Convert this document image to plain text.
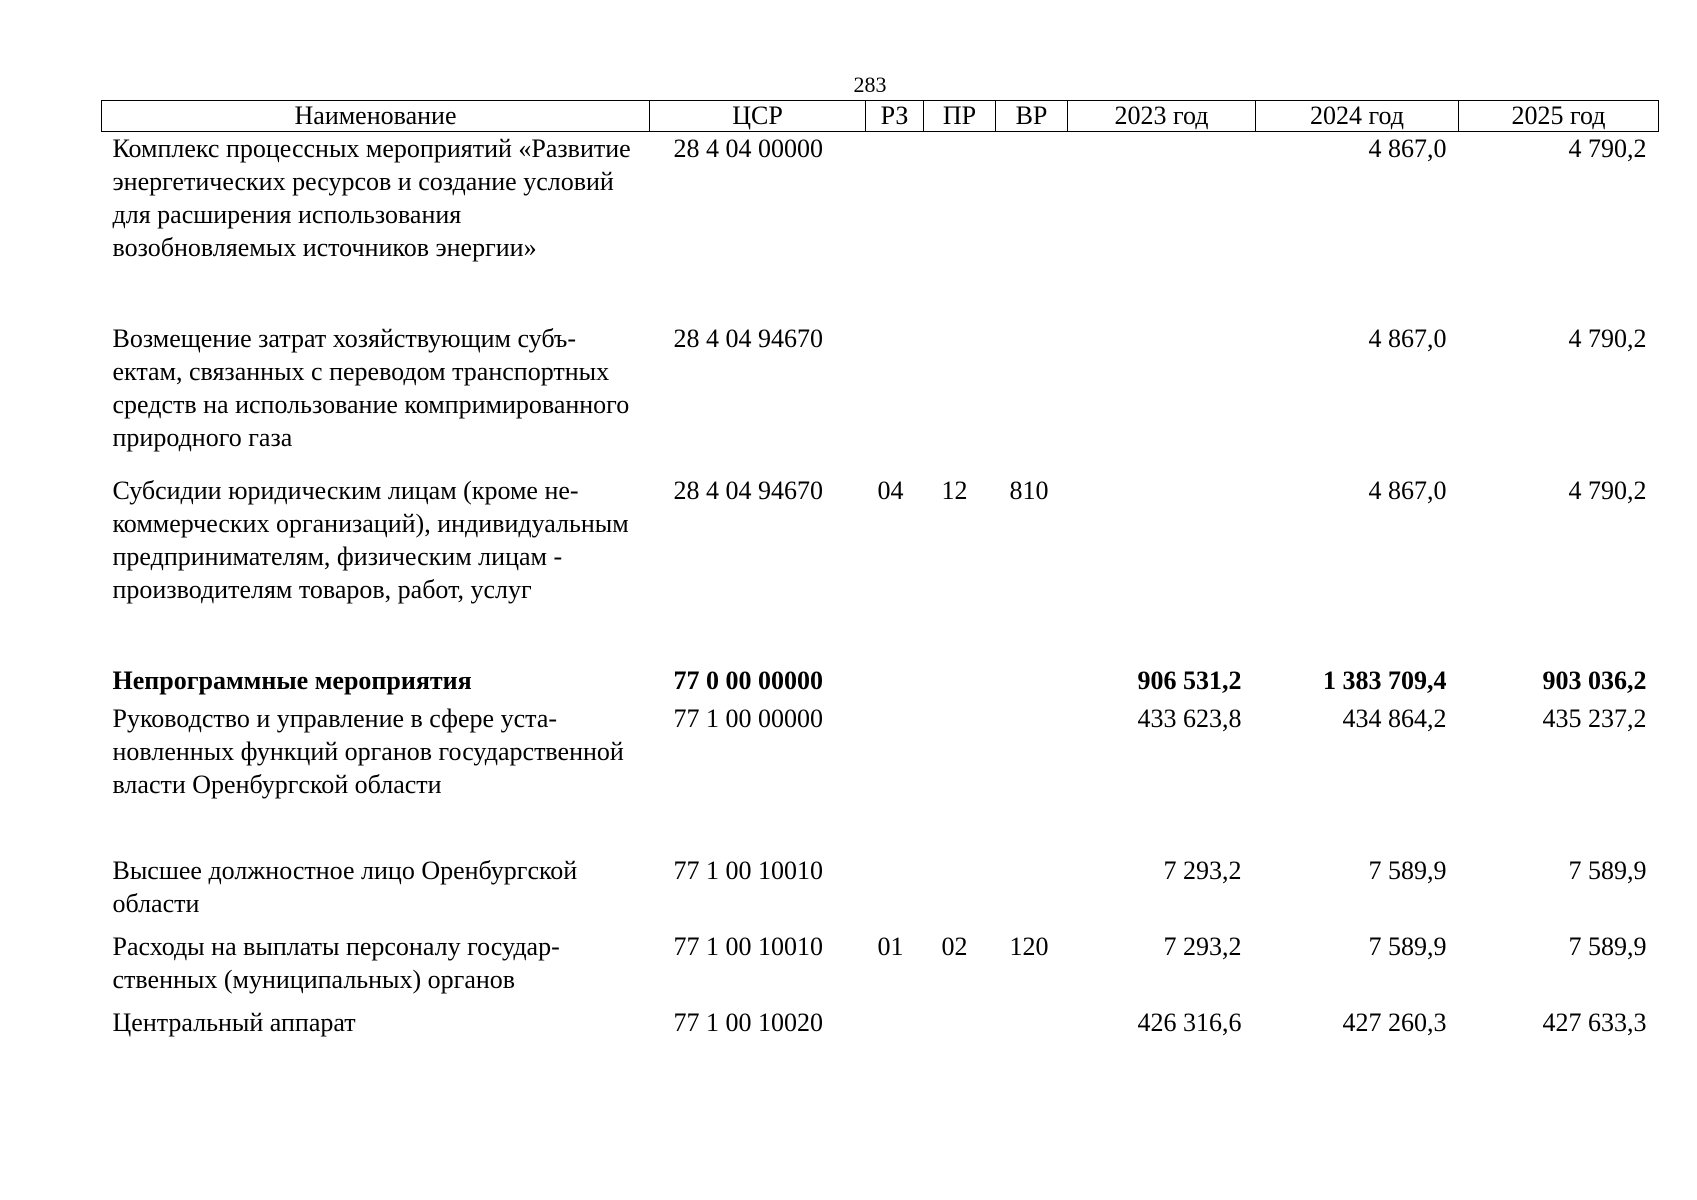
283
Наименование	ЦСР	РЗ	ПР	ВР	2023 год	2024 год	2025 год
Комплекс процессных мероприятий «Развитие энергетических ресурсов и создание условий для расширения использования возобновляемых источников энергии»	28 4 04 00000					4 867,0	4 790,2
Возмещение затрат хозяйствующим субъектам, связанных с переводом транспортных средств на использование компримированного природного газа	28 4 04 94670					4 867,0	4 790,2
Субсидии юридическим лицам (кроме некоммерческих организаций), индивидуальным предпринимателям, физическим лицам - производителям товаров, работ, услуг	28 4 04 94670	04	12	810		4 867,0	4 790,2
Непрограммные мероприятия	77 0 00 00000				906 531,2	1 383 709,4	903 036,2
Руководство и управление в сфере установленных функций органов государственной власти Оренбургской области	77 1 00 00000				433 623,8	434 864,2	435 237,2
Высшее должностное лицо Оренбургской области	77 1 00 10010				7 293,2	7 589,9	7 589,9
Расходы на выплаты персоналу государственных (муниципальных) органов	77 1 00 10010	01	02	120	7 293,2	7 589,9	7 589,9
Центральный аппарат	77 1 00 10020				426 316,6	427 260,3	427 633,3
